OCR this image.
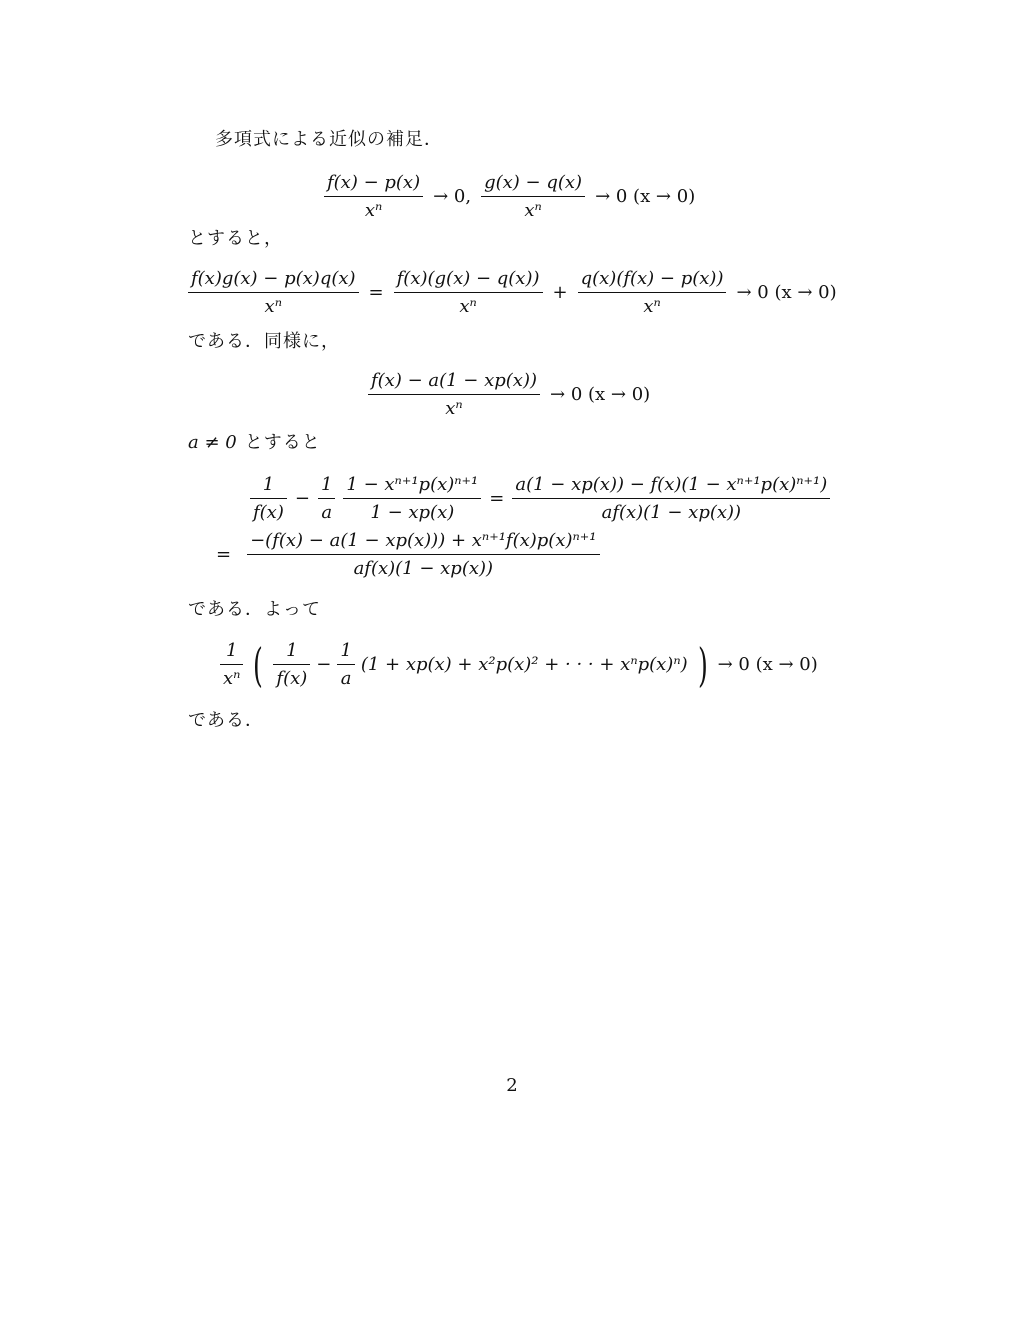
多項式による近似の補足．
$\frac{f(x) - p(x)}{\text{xⁿ}} \to 0$, $\frac{g(x) - q(x)}{\text{xⁿ}} \to 0$ (x → 0)
とすると，
$\frac{f(x)g(x) - p(x)q(x)}{\text{xⁿ}} = \frac{f(x)(g(x) - q(x))}{\text{xⁿ}} + \frac{q(x)(f(x) - p(x))}{\text{xⁿ}} \to 0$ (x → 0)
である．同様に，
$\frac{f(x) - a(1 - xp(x))}{\text{xⁿ}} \to 0$ (x → 0)
a ≠ 0 とすると
$\frac{1}{f(x)} - \frac{1}{a} \frac{\text{1 − xⁿ⁺¹p(x)ⁿ⁺¹}}{1 - xp(x)} = \frac{\text{a(1 − xp(x)) − f(x)(1 − xⁿ⁺¹p(x)ⁿ⁺¹)}}{af(x)(1 - xp(x))}$
= $\frac{\text{−(f(x) − a(1 − xp(x))) + xⁿ⁺¹f(x)p(x)ⁿ⁺¹}}{af(x)(1 - xp(x))}$
である．よって
$\frac{1}{\text{xⁿ}}$ ( $\frac{1}{f(x)} - \frac{1}{a} (1 + xp(x) + x^2p(x)^2$ + · · · + xⁿp(x)ⁿ) ) → 0 (x → 0)
である．
2
